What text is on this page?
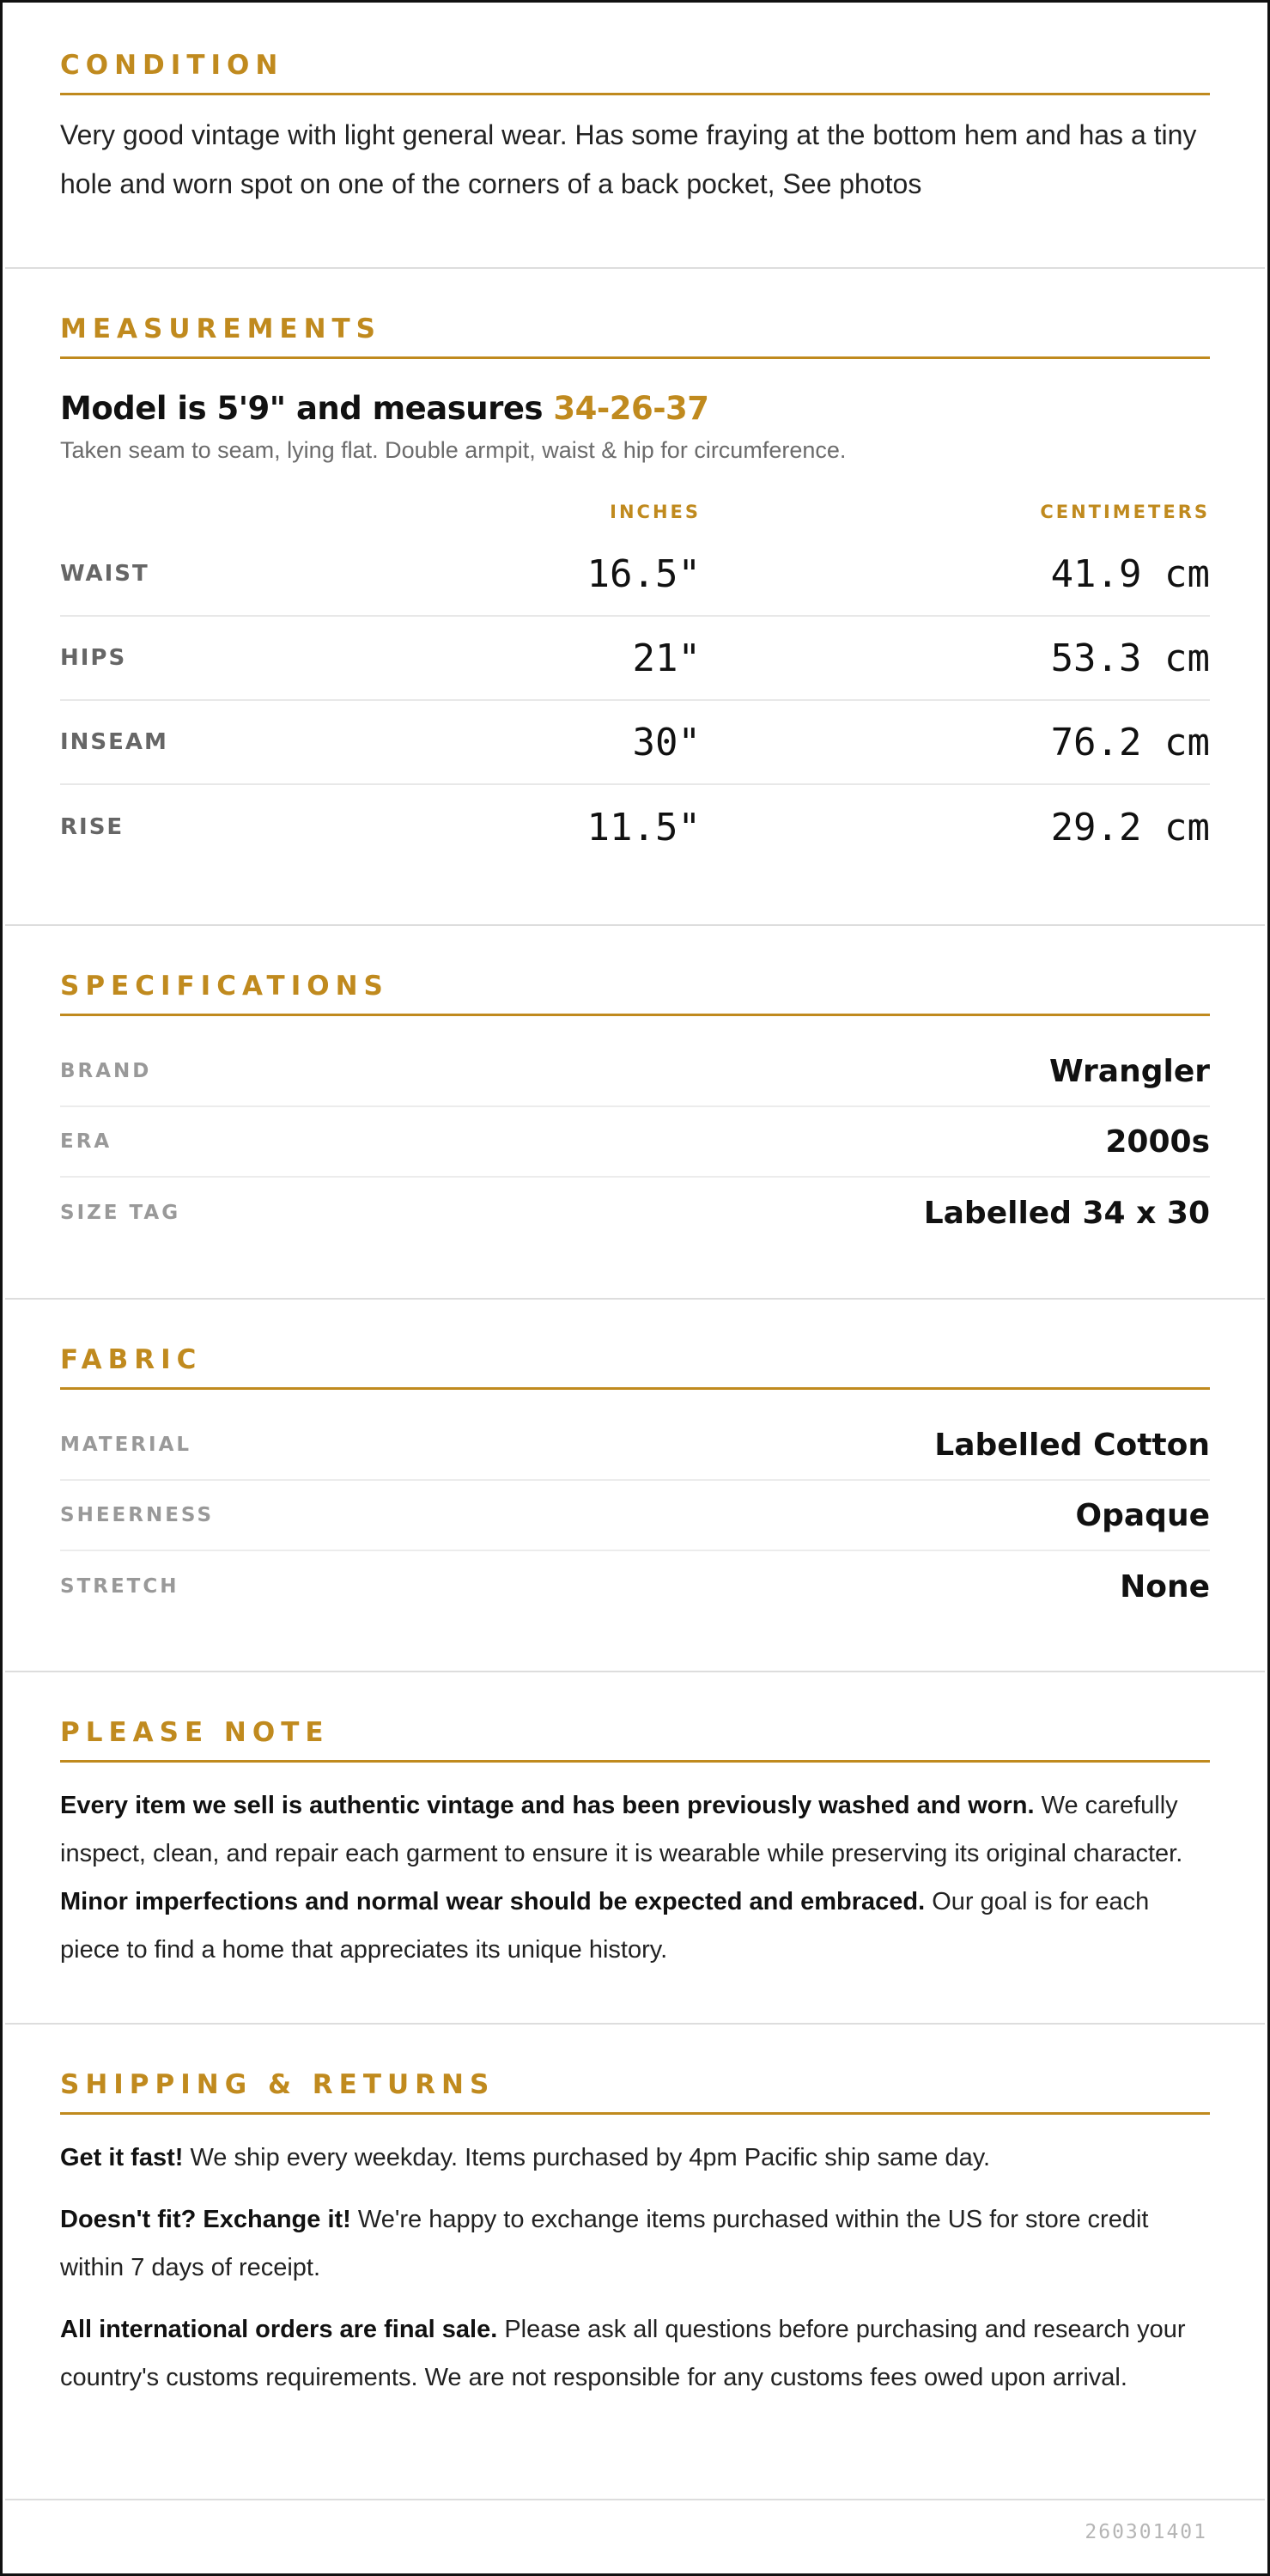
CONDITION

Very good vintage with light general wear. Has some fraying at the bottom hem and has a tiny hole and worn spot on one of the corners of a back pocket, See photos

MEASUREMENTS
Model is 5'9" and measures 34-26-37
Taken seam to seam, lying flat. Double armpit, waist & hip for circumference.
INCHES	CENTIMETERS
WAIST	16.5"	41.9 cm
HIPS	21"	53.3 cm
INSEAM	30"	76.2 cm
RISE	11.5"	29.2 cm
SPECIFICATIONS
BRAND	Wrangler
ERA	2000s
SIZE TAG	Labelled 34 x 30
FABRIC
MATERIAL	Labelled Cotton
SHEERNESS	Opaque
STRETCH	None
PLEASE NOTE

Every item we sell is authentic vintage and has been previously washed and worn. We carefully inspect, clean, and repair each garment to ensure it is wearable while preserving its original character. Minor imperfections and normal wear should be expected and embraced. Our goal is for each piece to find a home that appreciates its unique history.

SHIPPING & RETURNS

Get it fast! We ship every weekday. Items purchased by 4pm Pacific ship same day.

Doesn't fit? Exchange it! We're happy to exchange items purchased within the US for store credit within 7 days of receipt.

All international orders are final sale. Please ask all questions before purchasing and research your country's customs requirements. We are not responsible for any customs fees owed upon arrival.

260301401
